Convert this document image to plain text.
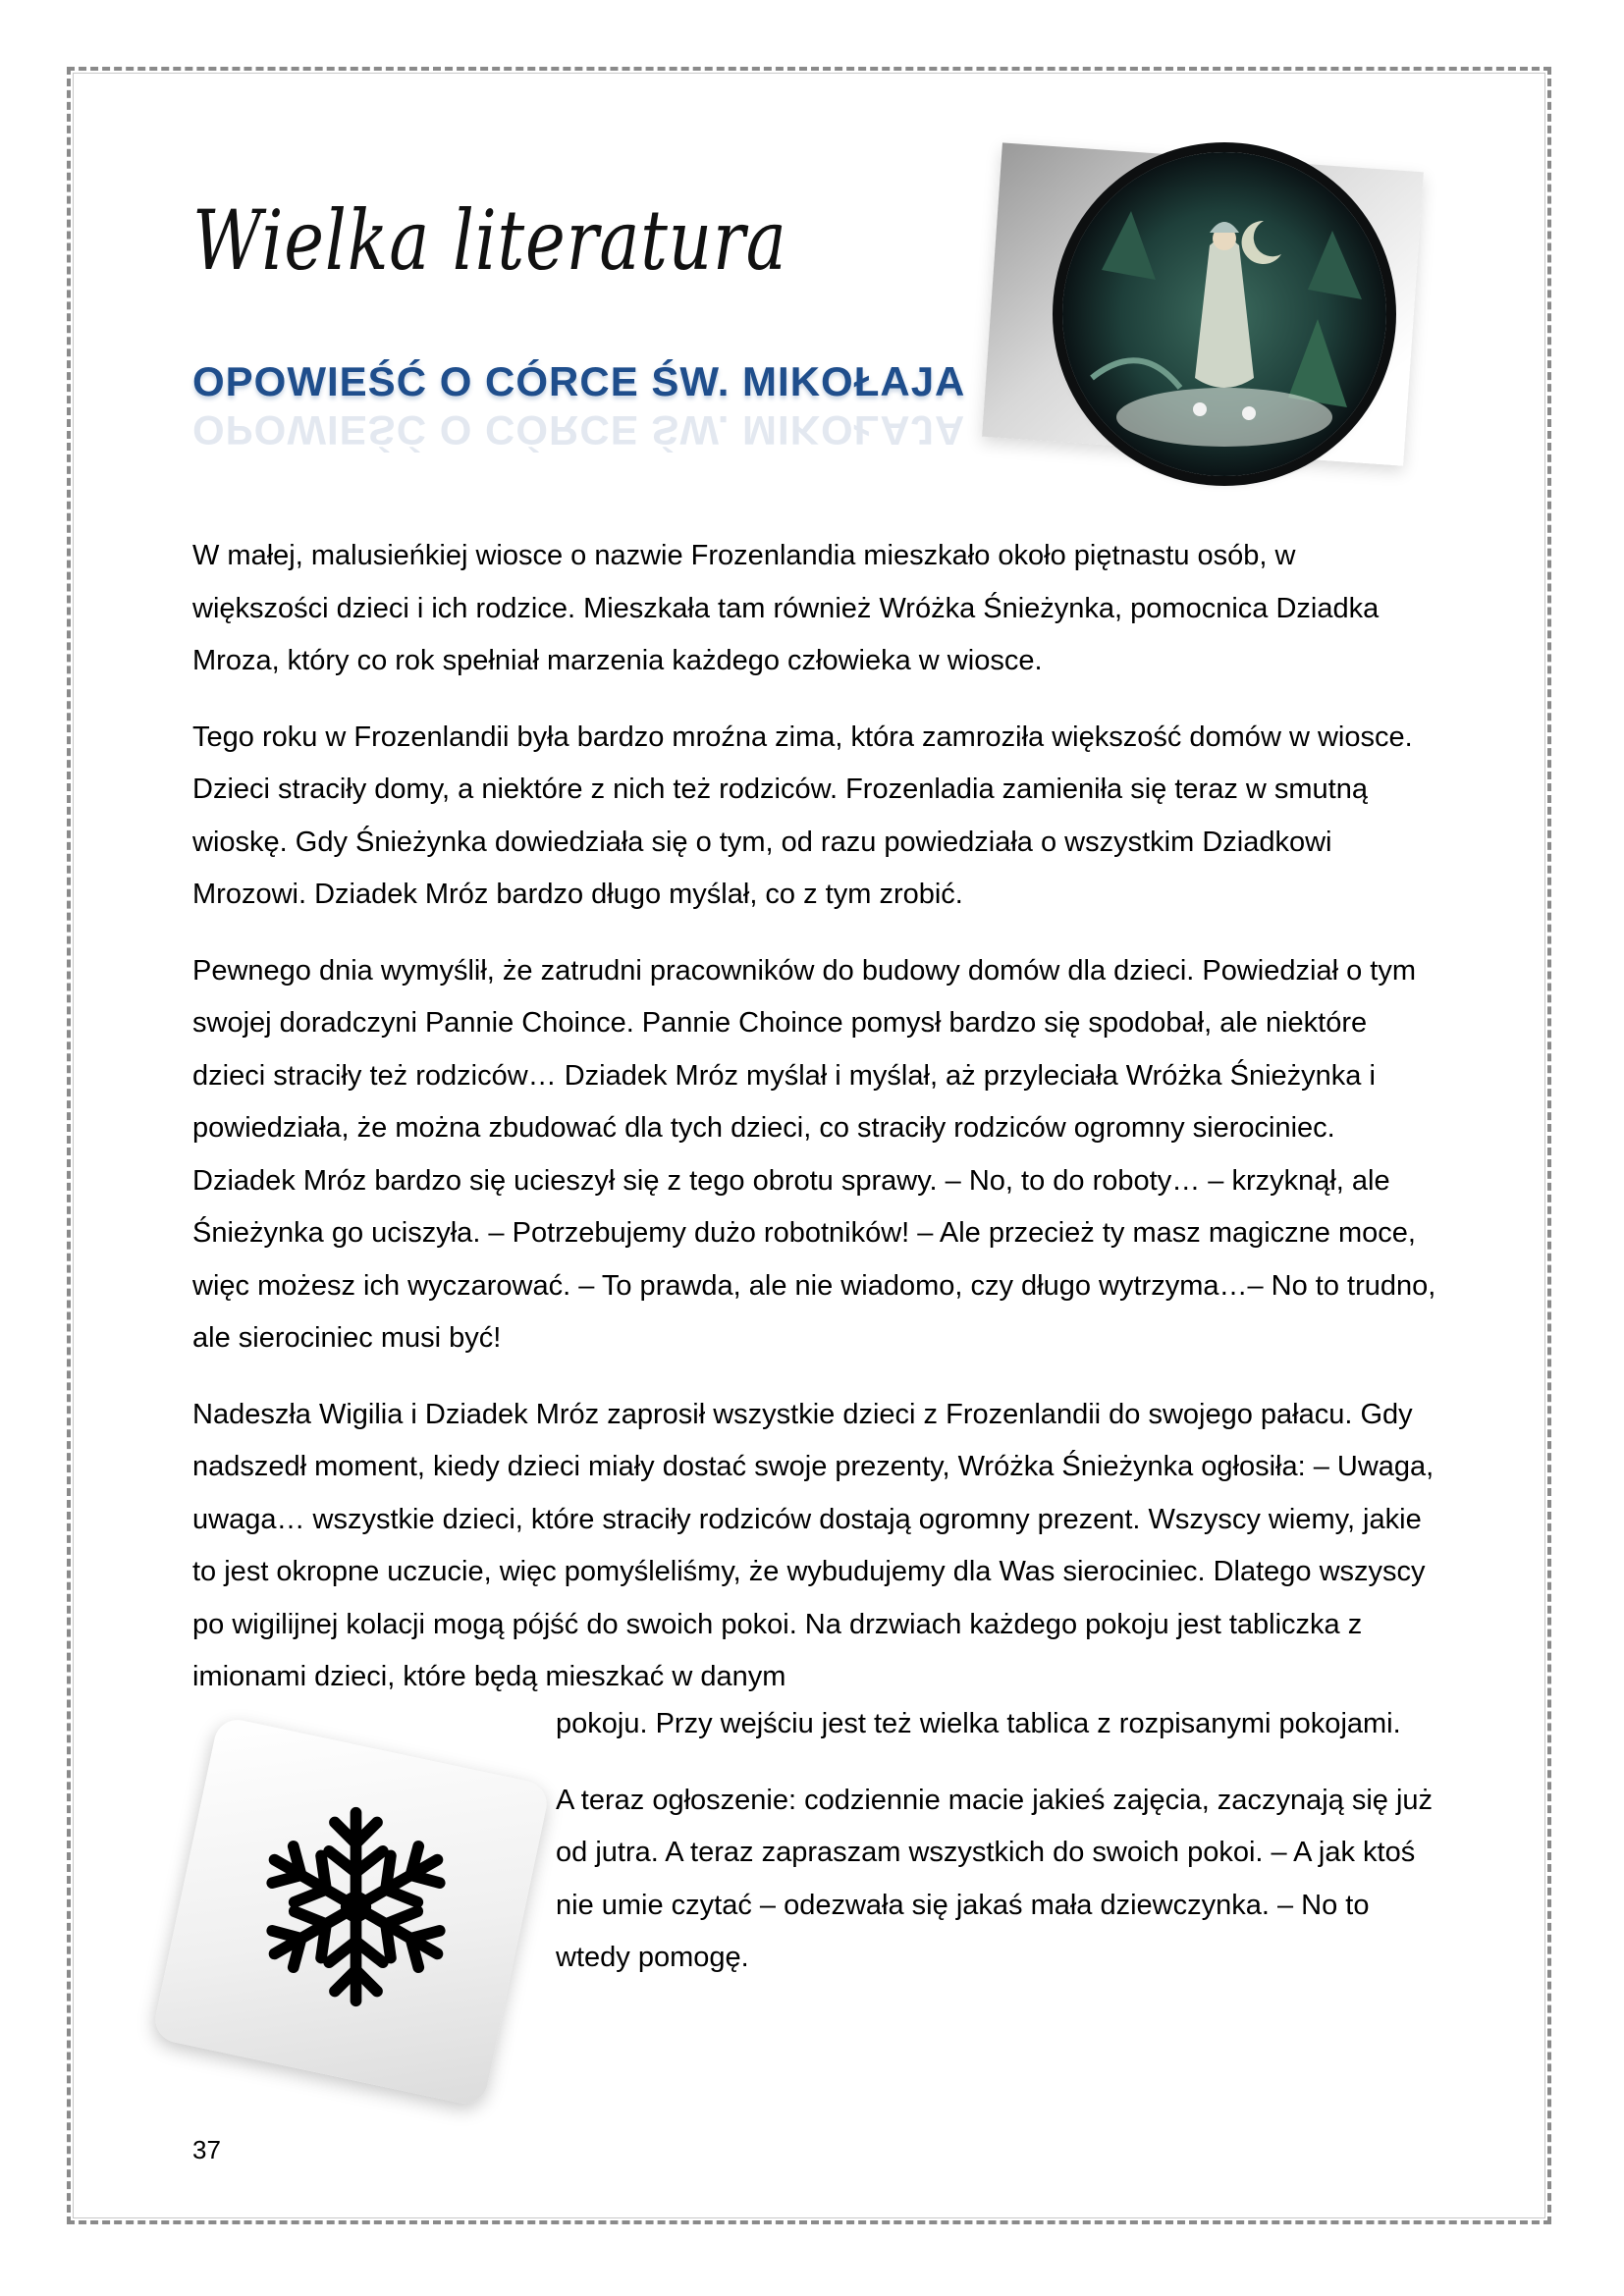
Wielka literatura
OPOWIEŚĆ O CÓRCE ŚW. MIKOŁAJA
OPOWIEŚĆ O CÓRCE ŚW. MIKOŁAJA

W małej, malusieńkiej wiosce o nazwie Frozenlandia mieszkało około piętnastu osób, w większości dzieci i ich rodzice. Mieszkała tam również Wróżka Śnieżynka, pomocnica Dziadka Mroza, który co rok spełniał marzenia każdego człowieka w wiosce.

Tego roku w Frozenlandii była bardzo mroźna zima, która zamroziła większość domów w wiosce. Dzieci straciły domy, a niektóre z nich też rodziców. Frozenladia zamieniła się teraz w smutną wioskę. Gdy Śnieżynka dowiedziała się o tym, od razu powiedziała o wszystkim Dziadkowi Mrozowi. Dziadek Mróz bardzo długo myślał, co z tym zrobić.

Pewnego dnia wymyślił, że zatrudni pracowników do budowy domów dla dzieci. Powiedział o tym swojej doradczyni Pannie Choince. Pannie Choince pomysł bardzo się spodobał, ale niektóre dzieci straciły też rodziców… Dziadek Mróz myślał i myślał, aż przyleciała Wróżka Śnieżynka i powiedziała, że można zbudować dla tych dzieci, co straciły rodziców ogromny sierociniec. Dziadek Mróz bardzo się ucieszył się z tego obrotu sprawy. – No, to do roboty… – krzyknął, ale Śnieżynka go uciszyła. – Potrzebujemy dużo robotników! – Ale przecież ty masz magiczne moce, więc możesz ich wyczarować. – To prawda, ale nie wiadomo, czy długo wytrzyma…– No to trudno, ale sierociniec musi być!

Nadeszła Wigilia i Dziadek Mróz zaprosił wszystkie dzieci z Frozenlandii do swojego pałacu. Gdy nadszedł moment, kiedy dzieci miały dostać swoje prezenty, Wróżka Śnieżynka ogłosiła: – Uwaga, uwaga… wszystkie dzieci, które straciły rodziców dostają ogromny prezent. Wszyscy wiemy, jakie to jest okropne uczucie, więc pomyśleliśmy, że wybudujemy dla Was sierociniec. Dlatego wszyscy po wigilijnej kolacji mogą pójść do swoich pokoi. Na drzwiach każdego pokoju jest tabliczka z imionami dzieci, które będą mieszkać w danym

pokoju. Przy wejściu jest też wielka tablica z rozpisanymi pokojami.

A teraz ogłoszenie: codziennie macie jakieś zajęcia, zaczynają się już od jutra. A teraz zapraszam wszystkich do swoich pokoi. – A jak ktoś nie umie czytać – odezwała się jakaś mała dziewczynka. – No to wtedy pomogę.

37
